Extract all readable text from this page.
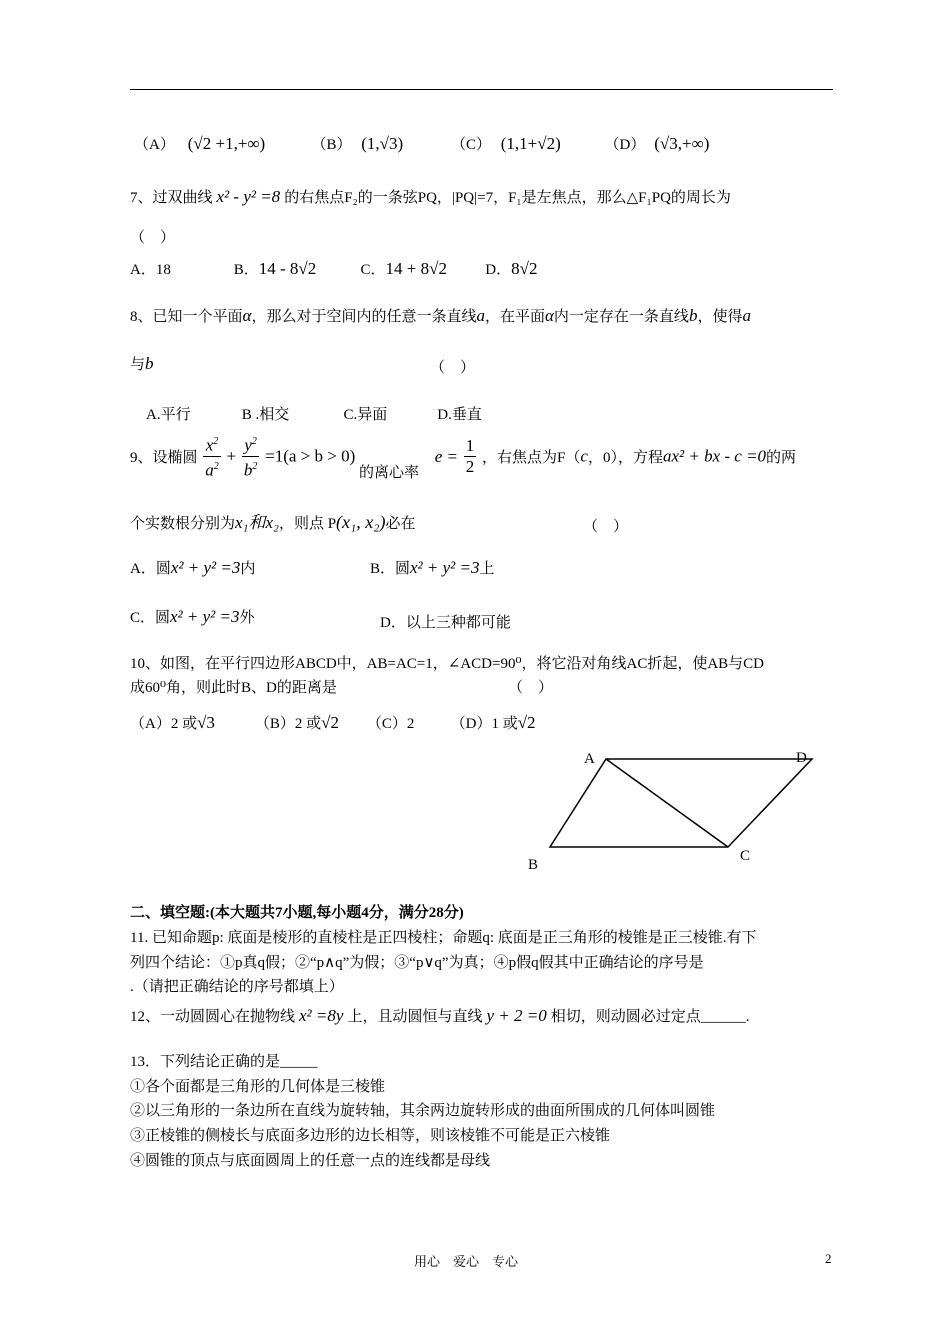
（A） (√2 +1,+∞)	（B） (1,√3)	（C） (1,1+√2)	（D） (√3,+∞)
7、过双曲线 x² - y² =8 的右焦点F₂的一条弦PQ，|PQ|=7，F₁是左焦点，那么△F₁PQ的周长为
（　）
A．18	B．14 - 8√2	C．14 + 8√2	D．8√2
8、已知一个平面α，那么对于空间内的任意一条直线a，在平面α内一定存在一条直线b，使得a
与b	（　）
A.平行	B .相交	C.异面	D.垂直
9、设椭圆 $\frac{x^2}{a^2} + \frac{y^2}{b^2} =1(a > b > 0)$ 的离心率 $e = \frac{1}{2}$ ，右焦点为F（c，0），方程ax² + bx - c =0的两
个实数根分别为x₁和x₂，则点 P(x₁, x₂)必在	（　）
A．圆x² + y² =3内	B．圆x² + y² =3上
C．圆x² + y² =3外	D．以上三种都可能
10、如图，在平行四边形ABCD中，AB=AC=1，∠ACD=90⁰，将它沿对角线AC折起，使AB与CD
成60⁰角，则此时B、D的距离是	（　）
（A）2 或√3	（B）2 或√2 （C）2 （D）1 或√2
A	D
B
C
二、填空题:(本大题共7小题,每小题4分，满分28分)
11. 已知命题p: 底面是棱形的直棱柱是正四棱柱；命题q: 底面是正三角形的棱锥是正三棱锥.有下
列四个结论：①p真q假；②“p∧q”为假；③“p∨q”为真；④p假q假其中正确结论的序号是
.（请把正确结论的序号都填上）
12、一动圆圆心在抛物线 x² =8y 上，且动圆恒与直线 y + 2 =0 相切，则动圆必过定点______.
13．下列结论正确的是_____
①各个面都是三角形的几何体是三棱锥
②以三角形的一条边所在直线为旋转轴，其余两边旋转形成的曲面所围成的几何体叫圆锥
③正棱锥的侧棱长与底面多边形的边长相等，则该棱锥不可能是正六棱锥
④圆锥的顶点与底面圆周上的任意一点的连线都是母线
用心　爱心　专心	2
